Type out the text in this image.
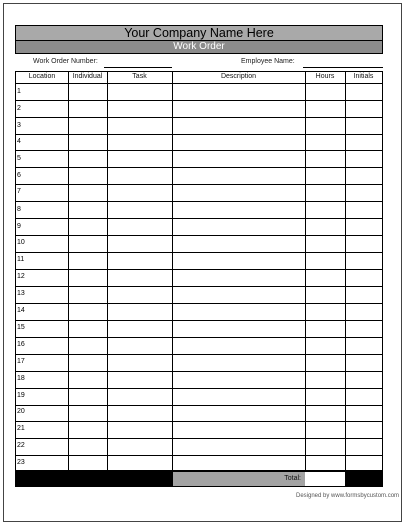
Your Company Name Here
Work Order
Work Order Number:	Employee Name:
Location	Individual	Task	Description	Hours	Initials
1
2
3
4
5
6
7
8
9
10
11
12
13
14
15
16
17
18
19
20
21
22
23
Total:
Designed by www.formsbycustom.com
